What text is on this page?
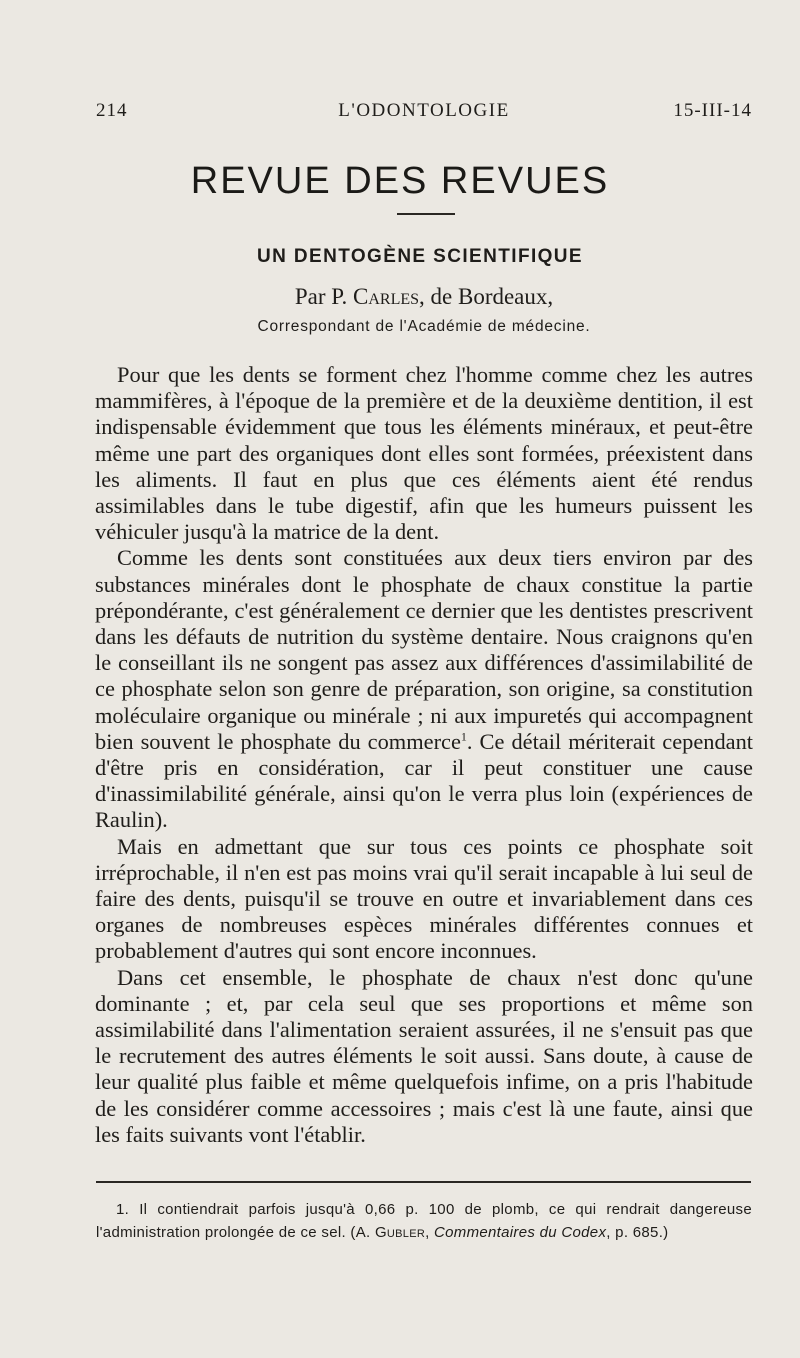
214	L'ODONTOLOGIE	15-III-14
REVUE DES REVUES
UN DENTOGÈNE SCIENTIFIQUE
Par P. Carles, de Bordeaux,
Correspondant de l'Académie de médecine.

Pour que les dents se forment chez l'homme comme chez les autres mammifères, à l'époque de la première et de la deuxième dentition, il est indispensable évidemment que tous les éléments minéraux, et peut-être même une part des organiques dont elles sont formées, préexistent dans les aliments. Il faut en plus que ces éléments aient été rendus assimilables dans le tube digestif, afin que les humeurs puissent les véhiculer jusqu'à la matrice de la dent.

Comme les dents sont constituées aux deux tiers environ par des substances minérales dont le phosphate de chaux constitue la partie prépondérante, c'est généralement ce dernier que les dentistes prescrivent dans les défauts de nutrition du système dentaire. Nous craignons qu'en le conseillant ils ne songent pas assez aux différences d'assimilabilité de ce phosphate selon son genre de préparation, son origine, sa constitution moléculaire organique ou minérale ; ni aux impuretés qui accompagnent bien souvent le phosphate du commerce$^1$. Ce détail mériterait cependant d'être pris en considération, car il peut constituer une cause d'inassimilabilité générale, ainsi qu'on le verra plus loin (expériences de Raulin).

Mais en admettant que sur tous ces points ce phosphate soit irréprochable, il n'en est pas moins vrai qu'il serait incapable à lui seul de faire des dents, puisqu'il se trouve en outre et invariablement dans ces organes de nombreuses espèces minérales différentes connues et probablement d'autres qui sont encore inconnues.

Dans cet ensemble, le phosphate de chaux n'est donc qu'une dominante ; et, par cela seul que ses proportions et même son assimilabilité dans l'alimentation seraient assurées, il ne s'ensuit pas que le recrutement des autres éléments le soit aussi. Sans doute, à cause de leur qualité plus faible et même quelquefois infime, on a pris l'habitude de les considérer comme accessoires ; mais c'est là une faute, ainsi que les faits suivants vont l'établir.

1. Il contiendrait parfois jusqu'à 0,66 p. 100 de plomb, ce qui rendrait dangereuse l'administration prolongée de ce sel. (A. Gubler, Commentaires du Codex, p. 685.)
